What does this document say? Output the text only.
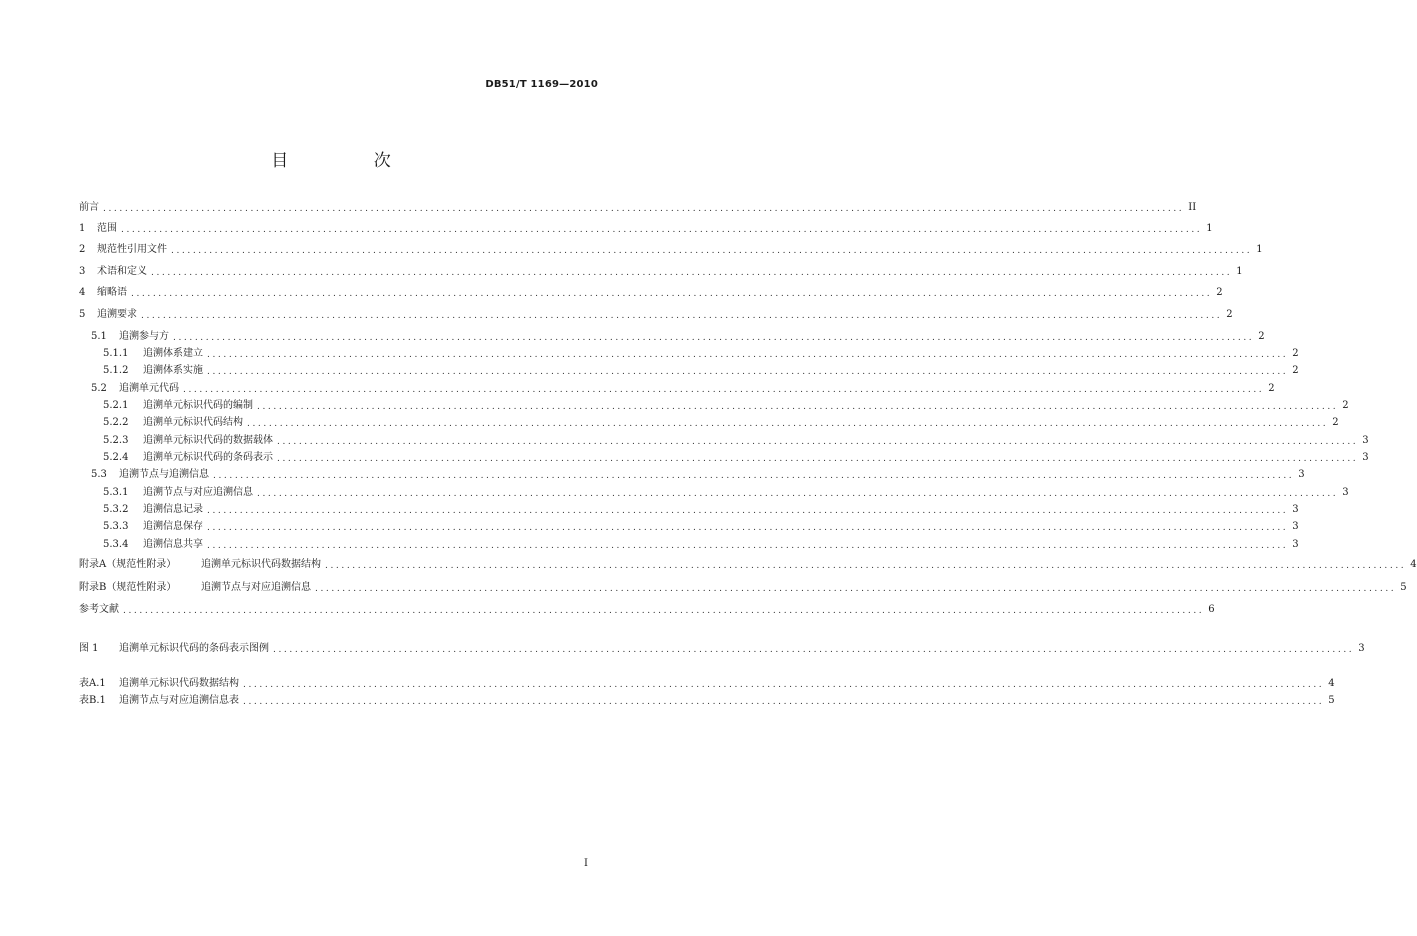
DB51/T 1169—2010
目 次
前言 ...................................................................................................................................................................................................... II
1 范围 ...................................................................................................................................................................................................... 1
2 规范性引用文件 ...................................................................................................................................................................................................... 1
3 术语和定义 ...................................................................................................................................................................................................... 1
4 缩略语 ...................................................................................................................................................................................................... 2
5 追溯要求 ...................................................................................................................................................................................................... 2
5.1 追溯参与方 ...................................................................................................................................................................................................... 2
5.1.1 追溯体系建立 ...................................................................................................................................................................................................... 2
5.1.2 追溯体系实施 ...................................................................................................................................................................................................... 2
5.2 追溯单元代码 ...................................................................................................................................................................................................... 2
5.2.1 追溯单元标识代码的编制 ...................................................................................................................................................................................................... 2
5.2.2 追溯单元标识代码结构 ...................................................................................................................................................................................................... 2
5.2.3 追溯单元标识代码的数据载体 ...................................................................................................................................................................................................... 3
5.2.4 追溯单元标识代码的条码表示 ...................................................................................................................................................................................................... 3
5.3 追溯节点与追溯信息 ...................................................................................................................................................................................................... 3
5.3.1 追溯节点与对应追溯信息 ...................................................................................................................................................................................................... 3
5.3.2 追溯信息记录 ...................................................................................................................................................................................................... 3
5.3.3 追溯信息保存 ...................................................................................................................................................................................................... 3
5.3.4 追溯信息共享 ...................................................................................................................................................................................................... 3
附录A（规范性附录） 追溯单元标识代码数据结构 ...................................................................................................................................................................................................... 4
附录B（规范性附录） 追溯节点与对应追溯信息 ...................................................................................................................................................................................................... 5
参考文献 ...................................................................................................................................................................................................... 6
图 1 追溯单元标识代码的条码表示图例 ...................................................................................................................................................................................................... 3
表A.1 追溯单元标识代码数据结构 ...................................................................................................................................................................................................... 4
表B.1 追溯节点与对应追溯信息表 ...................................................................................................................................................................................................... 5
I
